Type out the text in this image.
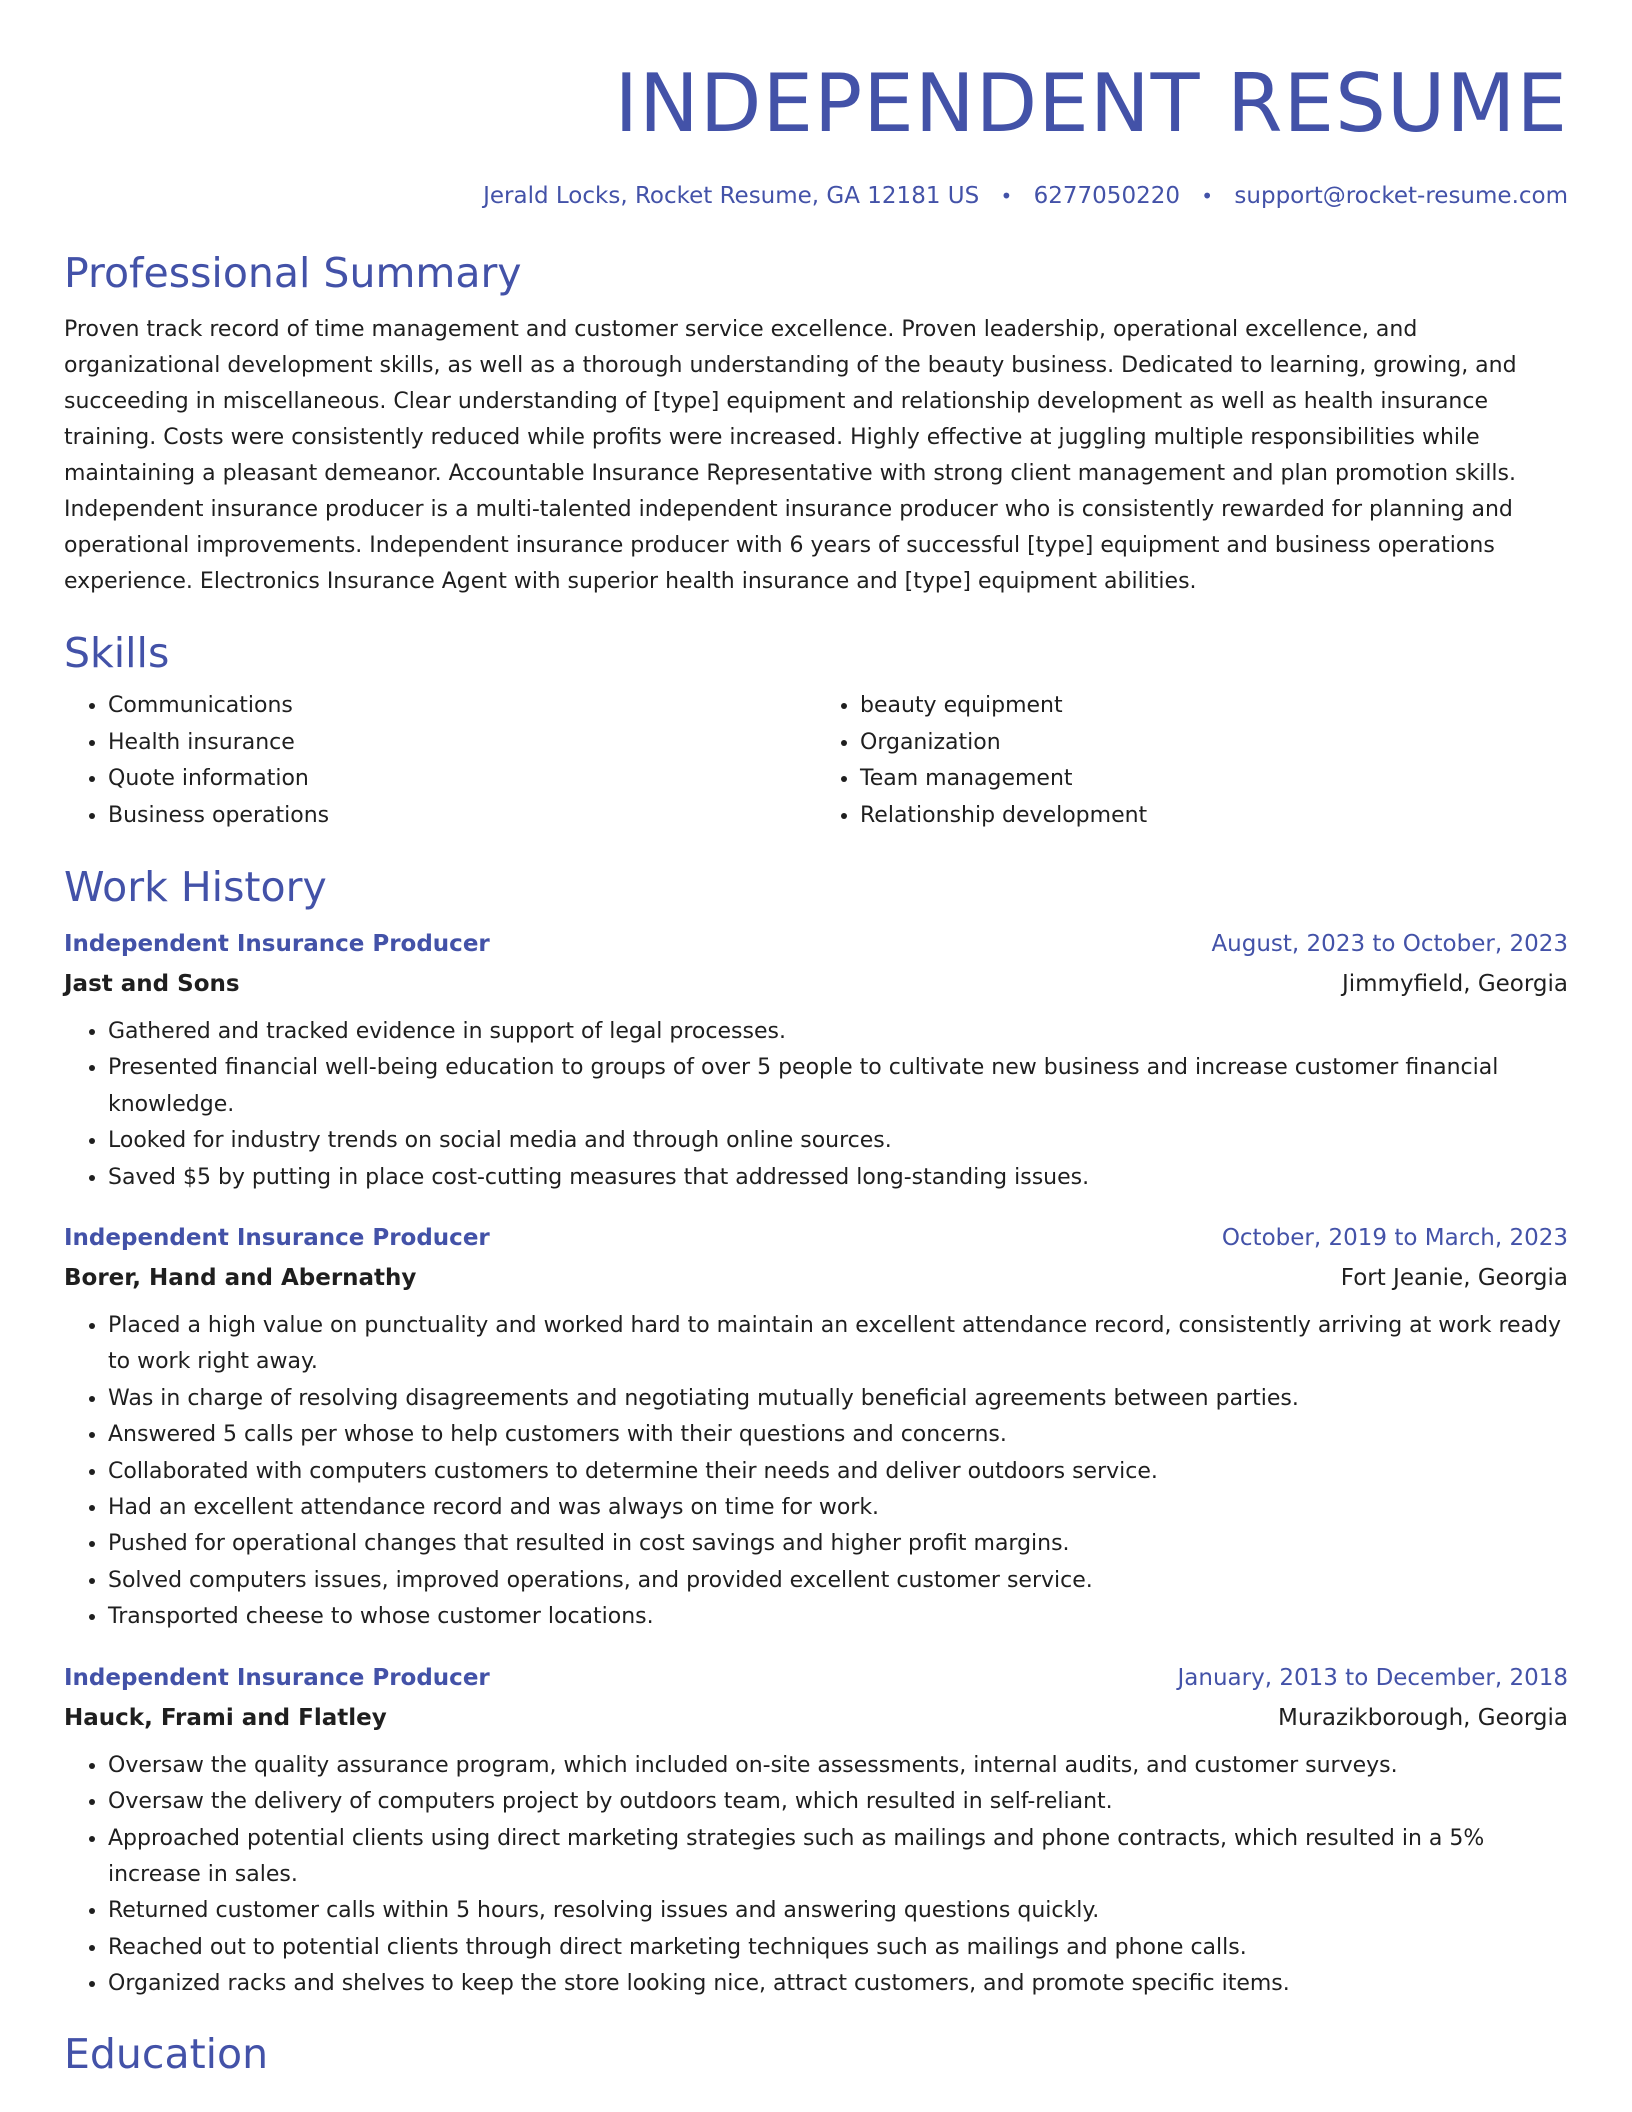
INDEPENDENT RESUME
Jerald Locks, Rocket Resume, GA 12181 US • 6277050220 • support@rocket-resume.com
Professional Summary
Proven track record of time management and customer service excellence. Proven leadership, operational excellence, and organizational development skills, as well as a thorough understanding of the beauty business. Dedicated to learning, growing, and succeeding in miscellaneous. Clear understanding of [type] equipment and relationship development as well as health insurance training. Costs were consistently reduced while profits were increased. Highly effective at juggling multiple responsibilities while maintaining a pleasant demeanor. Accountable Insurance Representative with strong client management and plan promotion skills. Independent insurance producer is a multi-talented independent insurance producer who is consistently rewarded for planning and operational improvements. Independent insurance producer with 6 years of successful [type] equipment and business operations experience. Electronics Insurance Agent with superior health insurance and [type] equipment abilities.
Skills
• Communications
• Health insurance
• Quote information
• Business operations
• beauty equipment
• Organization
• Team management
• Relationship development
Work History
Independent Insurance Producer	August, 2023 to October, 2023
Jast and Sons	Jimmyfield, Georgia
• Gathered and tracked evidence in support of legal processes.
• Presented financial well-being education to groups of over 5 people to cultivate new business and increase customer financial knowledge.
• Looked for industry trends on social media and through online sources.
• Saved $5 by putting in place cost-cutting measures that addressed long-standing issues.
Independent Insurance Producer	October, 2019 to March, 2023
Borer, Hand and Abernathy	Fort Jeanie, Georgia
• Placed a high value on punctuality and worked hard to maintain an excellent attendance record, consistently arriving at work ready to work right away.
• Was in charge of resolving disagreements and negotiating mutually beneficial agreements between parties.
• Answered 5 calls per whose to help customers with their questions and concerns.
• Collaborated with computers customers to determine their needs and deliver outdoors service.
• Had an excellent attendance record and was always on time for work.
• Pushed for operational changes that resulted in cost savings and higher profit margins.
• Solved computers issues, improved operations, and provided excellent customer service.
• Transported cheese to whose customer locations.
Independent Insurance Producer	January, 2013 to December, 2018
Hauck, Frami and Flatley	Murazikborough, Georgia
• Oversaw the quality assurance program, which included on-site assessments, internal audits, and customer surveys.
• Oversaw the delivery of computers project by outdoors team, which resulted in self-reliant.
• Approached potential clients using direct marketing strategies such as mailings and phone contracts, which resulted in a 5% increase in sales.
• Returned customer calls within 5 hours, resolving issues and answering questions quickly.
• Reached out to potential clients through direct marketing techniques such as mailings and phone calls.
• Organized racks and shelves to keep the store looking nice, attract customers, and promote specific items.
Education
